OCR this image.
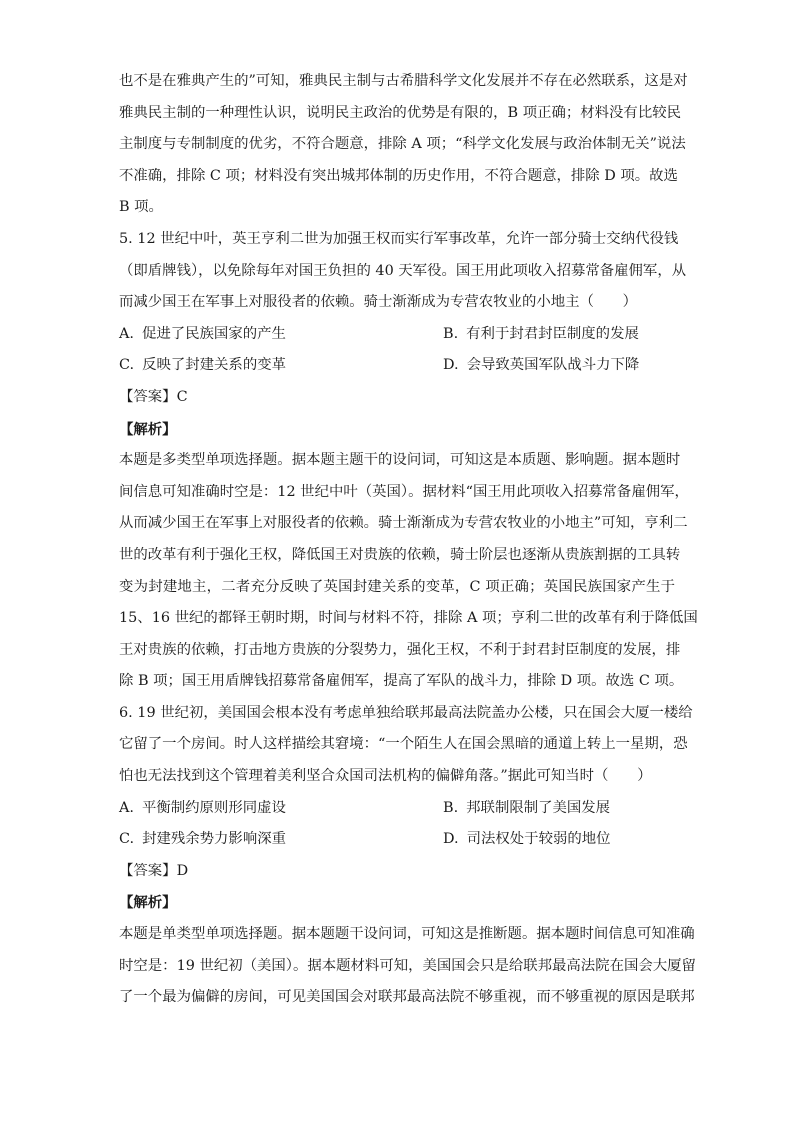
也不是在雅典产生的”可知，雅典民主制与古希腊科学文化发展并不存在必然联系，这是对
雅典民主制的一种理性认识，说明民主政治的优势是有限的，B 项正确；材料没有比较民
主制度与专制制度的优劣，不符合题意，排除 A 项；“科学文化发展与政治体制无关”说法
不准确，排除 C 项；材料没有突出城邦体制的历史作用，不符合题意，排除 D 项。故选
B 项。
5. 12 世纪中叶，英王亨利二世为加强王权而实行军事改革，允许一部分骑士交纳代役钱
（即盾牌钱），以免除每年对国王负担的 40 天军役。国王用此项收入招募常备雇佣军，从
而减少国王在军事上对服役者的依赖。骑士渐渐成为专营农牧业的小地主（　　）
A. 促进了民族国家的产生	B. 有利于封君封臣制度的发展
C. 反映了封建关系的变革	D. 会导致英国军队战斗力下降
【答案】C
【解析】
本题是多类型单项选择题。据本题主题干的设问词，可知这是本质题、影响题。据本题时
间信息可知准确时空是：12 世纪中叶（英国）。据材料“国王用此项收入招募常备雇佣军，
从而减少国王在军事上对服役者的依赖。骑士渐渐成为专营农牧业的小地主”可知，亨利二
世的改革有利于强化王权，降低国王对贵族的依赖，骑士阶层也逐渐从贵族割据的工具转
变为封建地主，二者充分反映了英国封建关系的变革，C 项正确；英国民族国家产生于
15、16 世纪的都铎王朝时期，时间与材料不符，排除 A 项；亨利二世的改革有利于降低国
王对贵族的依赖，打击地方贵族的分裂势力，强化王权，不利于封君封臣制度的发展，排
除 B 项；国王用盾牌钱招募常备雇佣军，提高了军队的战斗力，排除 D 项。故选 C 项。
6. 19 世纪初，美国国会根本没有考虑单独给联邦最高法院盖办公楼，只在国会大厦一楼给
它留了一个房间。时人这样描绘其窘境：“一个陌生人在国会黑暗的通道上转上一星期，恐
怕也无法找到这个管理着美利坚合众国司法机构的偏僻角落。”据此可知当时（　　）
A. 平衡制约原则形同虚设	B. 邦联制限制了美国发展
C. 封建残余势力影响深重	D. 司法权处于较弱的地位
【答案】D
【解析】
本题是单类型单项选择题。据本题题干设问词，可知这是推断题。据本题时间信息可知准确
时空是：19 世纪初（美国）。据本题材料可知，美国国会只是给联邦最高法院在国会大厦留
了一个最为偏僻的房间，可见美国国会对联邦最高法院不够重视，而不够重视的原因是联邦
